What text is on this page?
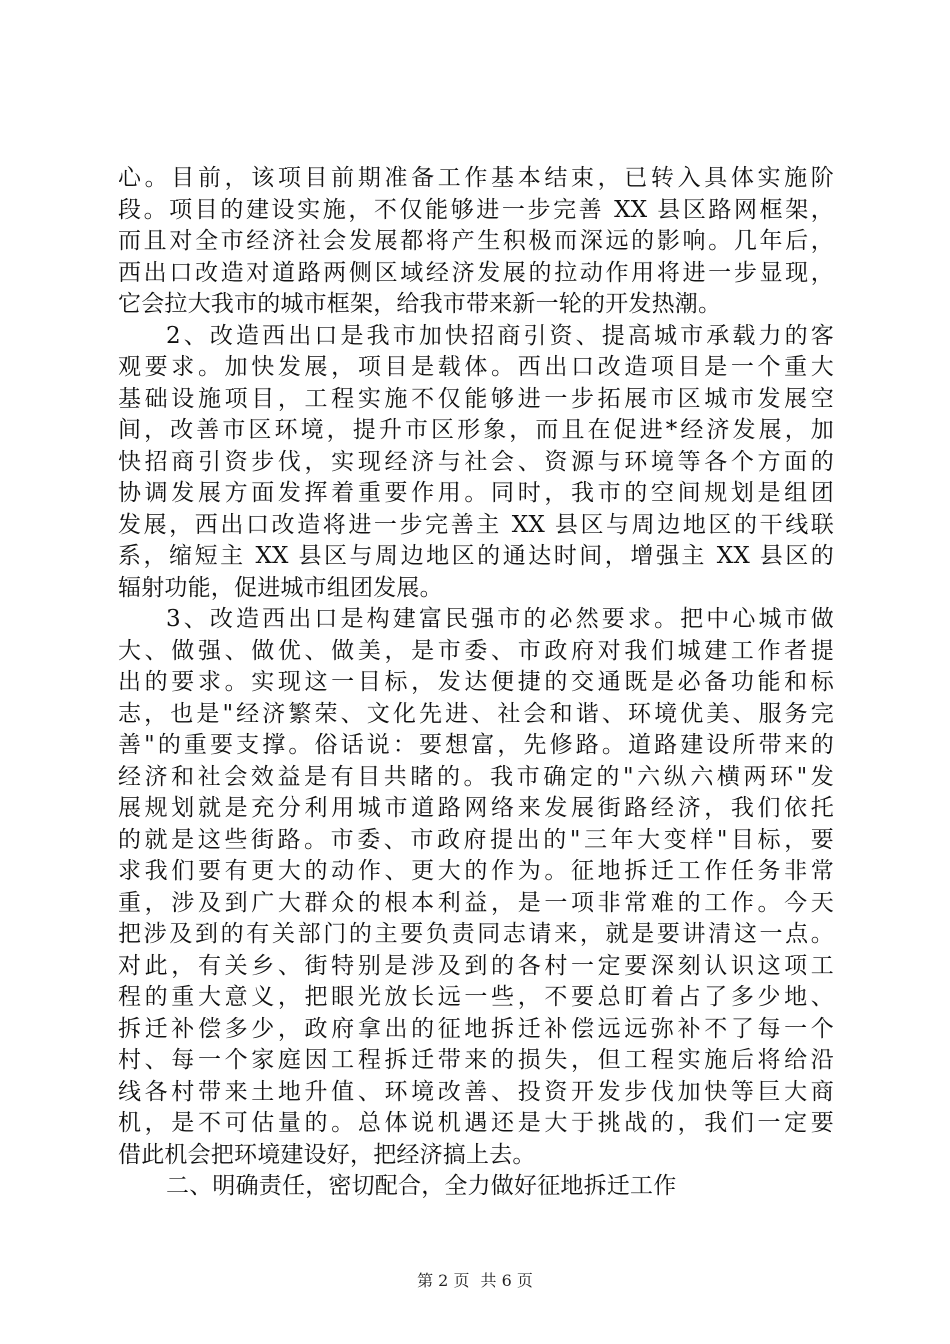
心。目前，该项目前期准备工作基本结束，已转入具体实施阶
段。项目的建设实施，不仅能够进一步完善 XX 县区路网框架，
而且对全市经济社会发展都将产生积极而深远的影响。几年后，
西出口改造对道路两侧区域经济发展的拉动作用将进一步显现，
它会拉大我市的城市框架，给我市带来新一轮的开发热潮。
2、改造西出口是我市加快招商引资、提高城市承载力的客
观要求。加快发展，项目是载体。西出口改造项目是一个重大
基础设施项目，工程实施不仅能够进一步拓展市区城市发展空
间，改善市区环境，提升市区形象，而且在促进*经济发展，加
快招商引资步伐，实现经济与社会、资源与环境等各个方面的
协调发展方面发挥着重要作用。同时，我市的空间规划是组团
发展，西出口改造将进一步完善主 XX 县区与周边地区的干线联
系，缩短主 XX 县区与周边地区的通达时间，增强主 XX 县区的
辐射功能，促进城市组团发展。
3、改造西出口是构建富民强市的必然要求。把中心城市做
大、做强、做优、做美，是市委、市政府对我们城建工作者提
出的要求。实现这一目标，发达便捷的交通既是必备功能和标
志，也是"经济繁荣、文化先进、社会和谐、环境优美、服务完
善"的重要支撑。俗话说：要想富，先修路。道路建设所带来的
经济和社会效益是有目共睹的。我市确定的"六纵六横两环"发
展规划就是充分利用城市道路网络来发展街路经济，我们依托
的就是这些街路。市委、市政府提出的"三年大变样"目标，要
求我们要有更大的动作、更大的作为。征地拆迁工作任务非常
重，涉及到广大群众的根本利益，是一项非常难的工作。今天
把涉及到的有关部门的主要负责同志请来，就是要讲清这一点。
对此，有关乡、街特别是涉及到的各村一定要深刻认识这项工
程的重大意义，把眼光放长远一些，不要总盯着占了多少地、
拆迁补偿多少，政府拿出的征地拆迁补偿远远弥补不了每一个
村、每一个家庭因工程拆迁带来的损失，但工程实施后将给沿
线各村带来土地升值、环境改善、投资开发步伐加快等巨大商
机，是不可估量的。总体说机遇还是大于挑战的，我们一定要
借此机会把环境建设好，把经济搞上去。
二、明确责任，密切配合，全力做好征地拆迁工作
第 2 页 共 6 页
